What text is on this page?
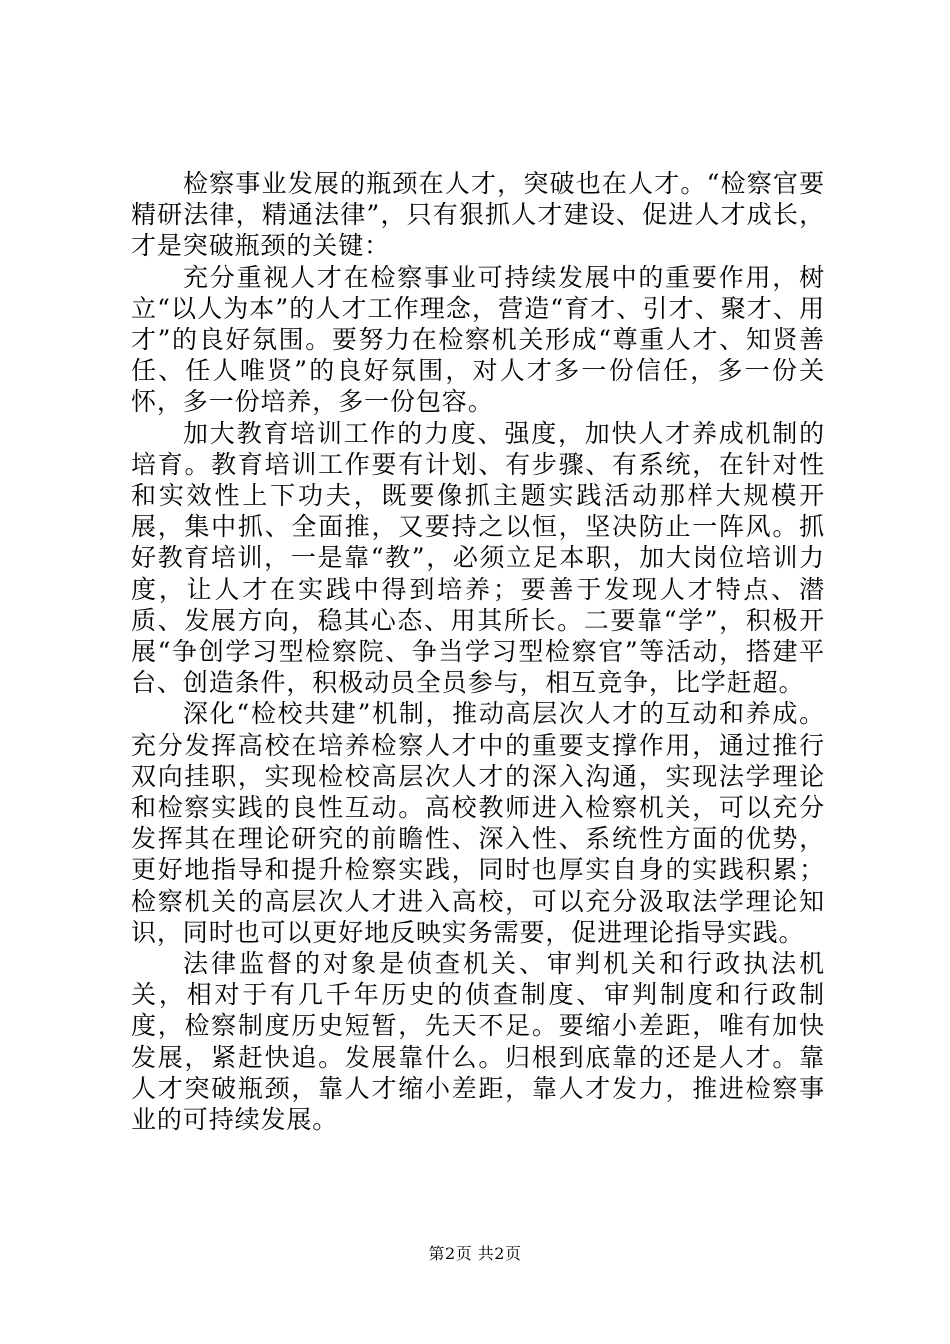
检察事业发展的瓶颈在人才，突破也在人才。“检察官要精研法律，精通法律”，只有狠抓人才建设、促进人才成长，才是突破瓶颈的关键：

充分重视人才在检察事业可持续发展中的重要作用，树立“以人为本”的人才工作理念，营造“育才、引才、聚才、用才”的良好氛围。要努力在检察机关形成“尊重人才、知贤善任、任人唯贤”的良好氛围，对人才多一份信任，多一份关怀，多一份培养，多一份包容。

加大教育培训工作的力度、强度，加快人才养成机制的培育。教育培训工作要有计划、有步骤、有系统，在针对性和实效性上下功夫，既要像抓主题实践活动那样大规模开展，集中抓、全面推，又要持之以恒，坚决防止一阵风。抓好教育培训，一是靠“教”，必须立足本职，加大岗位培训力度，让人才在实践中得到培养；要善于发现人才特点、潜质、发展方向，稳其心态、用其所长。二要靠“学”，积极开展“争创学习型检察院、争当学习型检察官”等活动，搭建平台、创造条件，积极动员全员参与，相互竞争，比学赶超。

深化“检校共建”机制，推动高层次人才的互动和养成。充分发挥高校在培养检察人才中的重要支撑作用，通过推行双向挂职，实现检校高层次人才的深入沟通，实现法学理论和检察实践的良性互动。高校教师进入检察机关，可以充分发挥其在理论研究的前瞻性、深入性、系统性方面的优势，更好地指导和提升检察实践，同时也厚实自身的实践积累；检察机关的高层次人才进入高校，可以充分汲取法学理论知识，同时也可以更好地反映实务需要，促进理论指导实践。

法律监督的对象是侦查机关、审判机关和行政执法机关，相对于有几千年历史的侦查制度、审判制度和行政制度，检察制度历史短暂，先天不足。要缩小差距，唯有加快发展，紧赶快追。发展靠什么。归根到底靠的还是人才。靠人才突破瓶颈，靠人才缩小差距，靠人才发力，推进检察事业的可持续发展。

第2页 共2页
